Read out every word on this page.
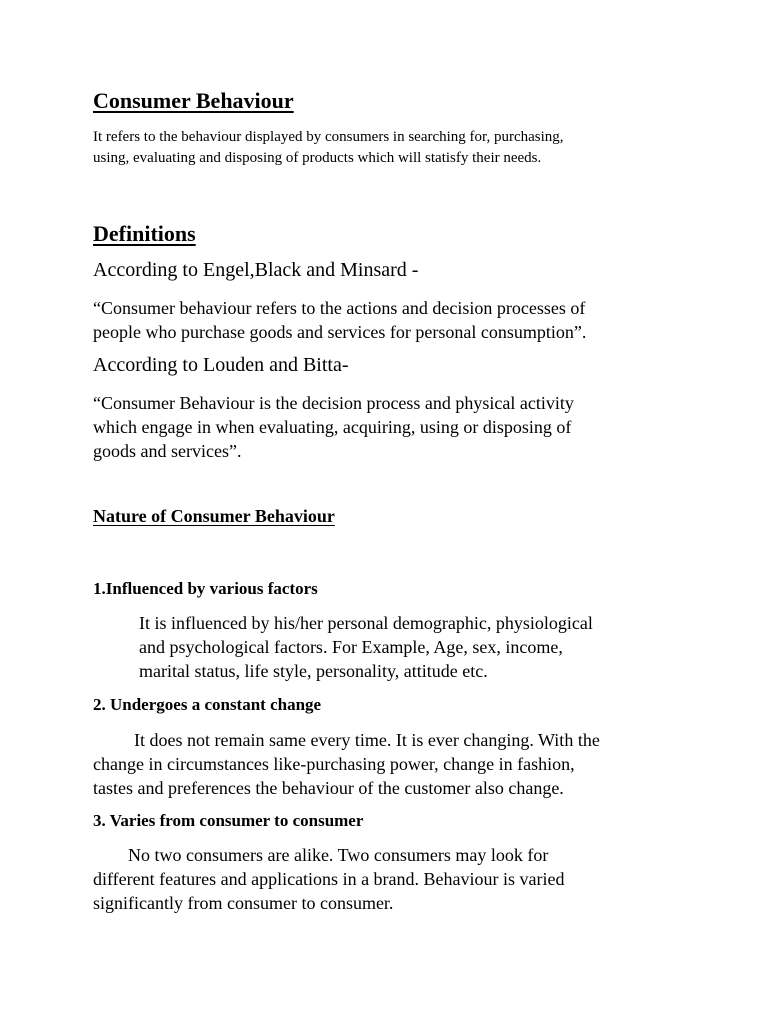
Consumer Behaviour

It refers to the behaviour displayed by consumers in searching for, purchasing,
using, evaluating and disposing of products which will statisfy their needs.

Definitions
According to Engel,Black and Minsard -

“Consumer behaviour refers to the actions and decision processes of
people who purchase goods and services for personal consumption”.

According to Louden and Bitta-

“Consumer Behaviour is the decision process and physical activity
which engage in when evaluating, acquiring, using or disposing of
goods and services”.

Nature of Consumer Behaviour
1.Influenced by various factors

It is influenced by his/her personal demographic, physiological
and psychological factors. For Example, Age, sex, income,
marital status, life style, personality, attitude etc.

2. Undergoes a constant change

It does not remain same every time. It is ever changing. With the
change in circumstances like-purchasing power, change in fashion,
tastes and preferences the behaviour of the customer also change.

3. Varies from consumer to consumer

No two consumers are alike. Two consumers may look for
different features and applications in a brand. Behaviour is varied
significantly from consumer to consumer.
